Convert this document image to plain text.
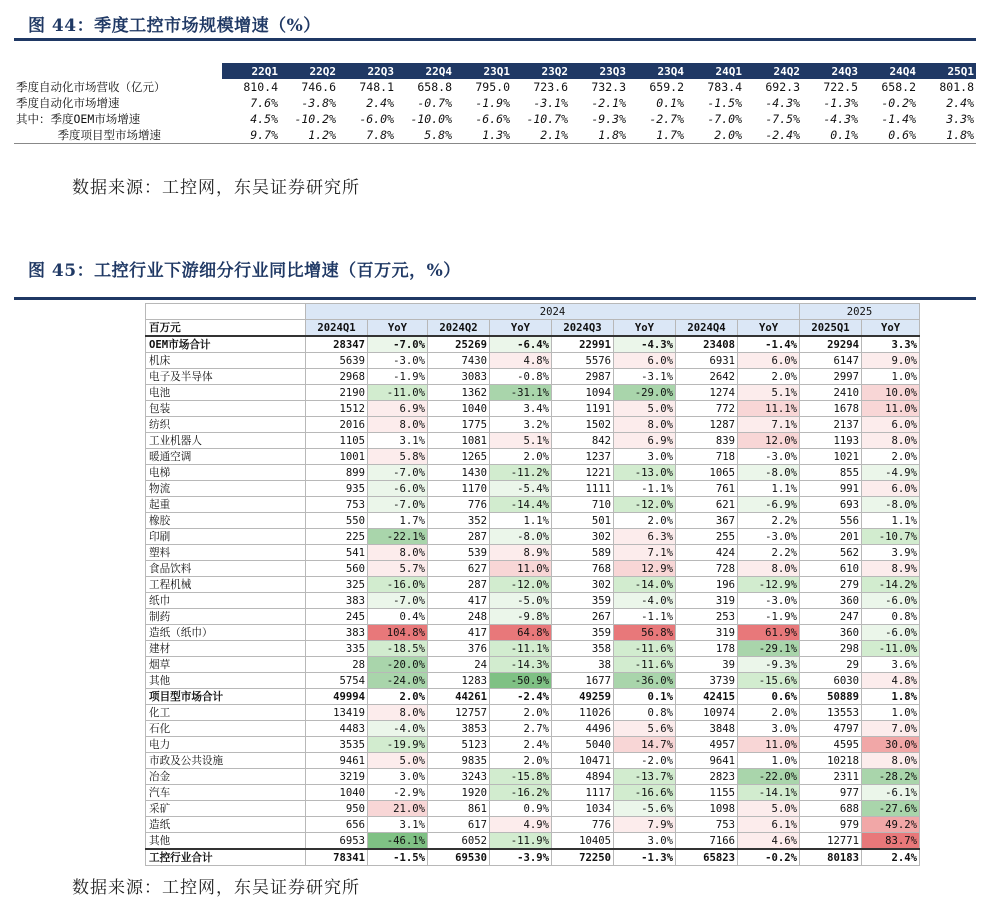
图 44：季度工控市场规模增速（%）
	22Q1	22Q2	22Q3	22Q4	23Q1	23Q2	23Q3	23Q4	24Q1	24Q2	24Q3	24Q4	25Q1
季度自动化市场营收（亿元）	810.4	746.6	748.1	658.8	795.0	723.6	732.3	659.2	783.4	692.3	722.5	658.2	801.8
季度自动化市场增速	7.6%	-3.8%	2.4%	-0.7%	-1.9%	-3.1%	-2.1%	0.1%	-1.5%	-4.3%	-1.3%	-0.2%	2.4%
其中：季度OEM市场增速	4.5%	-10.2%	-6.0%	-10.0%	-6.6%	-10.7%	-9.3%	-2.7%	-7.0%	-7.5%	-4.3%	-1.4%	3.3%
季度项目型市场增速	9.7%	1.2%	7.8%	5.8%	1.3%	2.1%	1.8%	1.7%	2.0%	-2.4%	0.1%	0.6%	1.8%
数据来源：工控网，东吴证券研究所
图 45：工控行业下游细分行业同比增速（百万元，%）
	2024								2025	
百万元	2024Q1	YoY	2024Q2	YoY	2024Q3	YoY	2024Q4	YoY	2025Q1	YoY
OEM市场合计	28347	-7.0%	25269	-6.4%	22991	-4.3%	23408	-1.4%	29294	3.3%
机床	5639	-3.0%	7430	4.8%	5576	6.0%	6931	6.0%	6147	9.0%
电子及半导体	2968	-1.9%	3083	-0.8%	2987	-3.1%	2642	2.0%	2997	1.0%
电池	2190	-11.0%	1362	-31.1%	1094	-29.0%	1274	5.1%	2410	10.0%
包装	1512	6.9%	1040	3.4%	1191	5.0%	772	11.1%	1678	11.0%
纺织	2016	8.0%	1775	3.2%	1502	8.0%	1287	7.1%	2137	6.0%
工业机器人	1105	3.1%	1081	5.1%	842	6.9%	839	12.0%	1193	8.0%
暖通空调	1001	5.8%	1265	2.0%	1237	3.0%	718	-3.0%	1021	2.0%
电梯	899	-7.0%	1430	-11.2%	1221	-13.0%	1065	-8.0%	855	-4.9%
物流	935	-6.0%	1170	-5.4%	1111	-1.1%	761	1.1%	991	6.0%
起重	753	-7.0%	776	-14.4%	710	-12.0%	621	-6.9%	693	-8.0%
橡胶	550	1.7%	352	1.1%	501	2.0%	367	2.2%	556	1.1%
印刷	225	-22.1%	287	-8.0%	302	6.3%	255	-3.0%	201	-10.7%
塑料	541	8.0%	539	8.9%	589	7.1%	424	2.2%	562	3.9%
食品饮料	560	5.7%	627	11.0%	768	12.9%	728	8.0%	610	8.9%
工程机械	325	-16.0%	287	-12.0%	302	-14.0%	196	-12.9%	279	-14.2%
纸巾	383	-7.0%	417	-5.0%	359	-4.0%	319	-3.0%	360	-6.0%
制药	245	0.4%	248	-9.8%	267	-1.1%	253	-1.9%	247	0.8%
造纸（纸巾）	383	104.8%	417	64.8%	359	56.8%	319	61.9%	360	-6.0%
建材	335	-18.5%	376	-11.1%	358	-11.6%	178	-29.1%	298	-11.0%
烟草	28	-20.0%	24	-14.3%	38	-11.6%	39	-9.3%	29	3.6%
其他	5754	-24.0%	1283	-50.9%	1677	-36.0%	3739	-15.6%	6030	4.8%
项目型市场合计	49994	2.0%	44261	-2.4%	49259	0.1%	42415	0.6%	50889	1.8%
化工	13419	8.0%	12757	2.0%	11026	0.8%	10974	2.0%	13553	1.0%
石化	4483	-4.0%	3853	2.7%	4496	5.6%	3848	3.0%	4797	7.0%
电力	3535	-19.9%	5123	2.4%	5040	14.7%	4957	11.0%	4595	30.0%
市政及公共设施	9461	5.0%	9835	2.0%	10471	-2.0%	9641	1.0%	10218	8.0%
冶金	3219	3.0%	3243	-15.8%	4894	-13.7%	2823	-22.0%	2311	-28.2%
汽车	1040	-2.9%	1920	-16.2%	1117	-16.6%	1155	-14.1%	977	-6.1%
采矿	950	21.0%	861	0.9%	1034	-5.6%	1098	5.0%	688	-27.6%
造纸	656	3.1%	617	4.9%	776	7.9%	753	6.1%	979	49.2%
其他	6953	-46.1%	6052	-11.9%	10405	3.0%	7166	4.6%	12771	83.7%
工控行业合计	78341	-1.5%	69530	-3.9%	72250	-1.3%	65823	-0.2%	80183	2.4%
数据来源：工控网，东吴证券研究所
